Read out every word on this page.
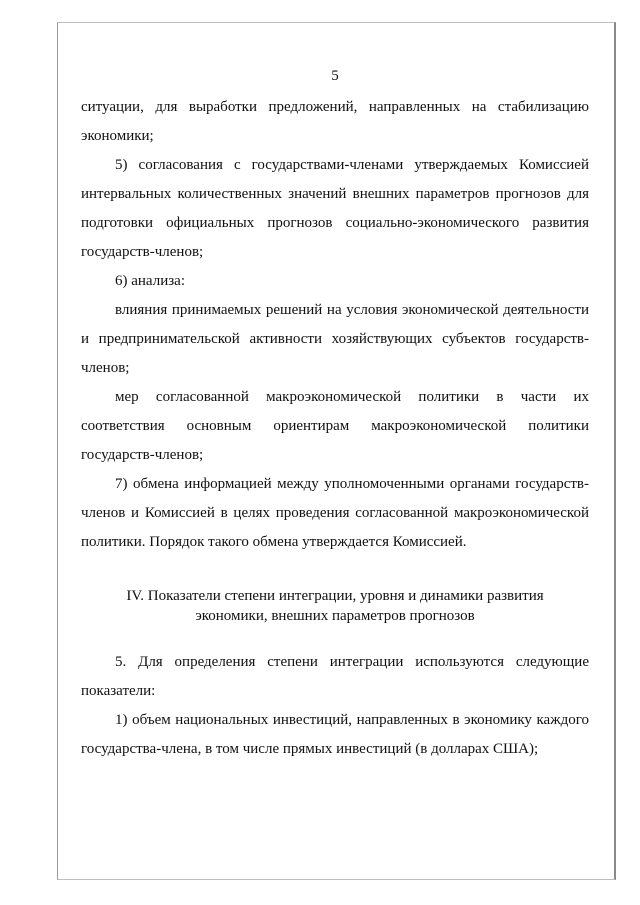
5

ситуации, для выработки предложений, направленных на стабилизацию экономики;

5) согласования с государствами-членами утверждаемых Комиссией интервальных количественных значений внешних параметров прогнозов для подготовки официальных прогнозов социально-экономического развития государств-членов;

6) анализа:

влияния принимаемых решений на условия экономической деятельности и предпринимательской активности хозяйствующих субъектов государств-членов;

мер согласованной макроэкономической политики в части их соответствия основным ориентирам макроэкономической политики государств-членов;

7) обмена информацией между уполномоченными органами государств-членов и Комиссией в целях проведения согласованной макроэкономической политики. Порядок такого обмена утверждается Комиссией.

IV. Показатели степени интеграции, уровня и динамики развития
экономики, внешних параметров прогнозов

5. Для определения степени интеграции используются следующие показатели:

1) объем национальных инвестиций, направленных в экономику каждого государства-члена, в том числе прямых инвестиций (в долларах США);
